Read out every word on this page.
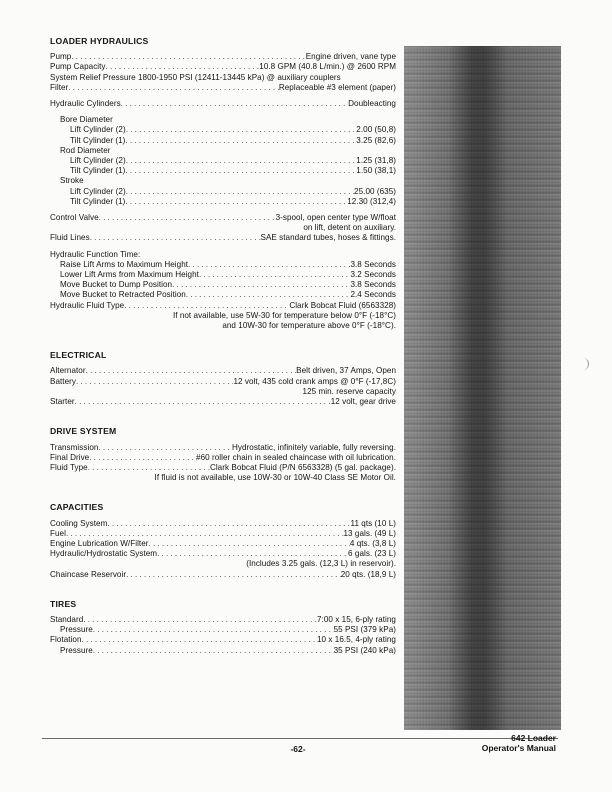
LOADER HYDRAULICS
Pump .....	Engine driven, vane type
Pump Capacity .....	10.8 GPM (40.8 L/min.) @ 2600 RPM
System Relief Pressure 1800-1950 PSI (12411-13445 kPa) @ auxiliary couplers
Filter .....	Replaceable #3 element (paper)
Hydraulic Cylinders .....	Doubleacting
Bore Diameter
Lift Cylinder (2) .....	2.00 (50,8)
Tilt Cylinder (1) .....	3.25 (82,6)
Rod Diameter
Lift Cylinder (2) .....	1.25 (31,8)
Tilt Cylinder (1) .....	1.50 (38,1)
Stroke
Lift Cylinder (2) .....	25.00 (635)
Tilt Cylinder (1) .....	12.30 (312,4)
Control Valve .....	3-spool, open center type W/float
on lift, detent on auxiliary.
Fluid Lines .....	SAE standard tubes, hoses & fittings.
Hydraulic Function Time:
Raise Lift Arms to Maximum Height .....	3.8 Seconds
Lower Lift Arms from Maximum Height .....	3.2 Seconds
Move Bucket to Dump Position .....	3.8 Seconds
Move Bucket to Retracted Position .....	2.4 Seconds
Hydraulic Fluid Type .....	Clark Bobcat Fluid (6563328)
If not available, use 5W-30 for temperature below 0°F (-18°C)
and 10W-30 for temperature above 0°F (-18°C).
ELECTRICAL
Alternator .....	Belt driven, 37 Amps, Open
Battery .....	12 volt, 435 cold crank amps @ 0°F (-17,8C)
125 min. reserve capacity
Starter .....	12 volt, gear drive
DRIVE SYSTEM
Transmission .....	Hydrostatic, infinitely variable, fully reversing.
Final Drive .....	#60 roller chain in sealed chaincase with oil lubrication.
Fluid Type .....	Clark Bobcat Fluid (P/N 6563328) (5 gal. package).
If fluid is not available, use 10W-30 or 10W-40 Class SE Motor Oil.
CAPACITIES
Cooling System .....	11 qts (10 L)
Fuel .....	13 gals. (49 L)
Engine Lubrication W/Filter .....	4 qts. (3,8 L)
Hydraulic/Hydrostatic System .....	6 gals. (23 L)
(Includes 3.25 gals. (12,3 L) in reservoir).
Chaincase Reservoir .....	20 qts. (18,9 L)
TIRES
Standard .....	7:00 x 15, 6-ply rating
Pressure .....	55 PSI (379 kPa)
Flotation .....	10 x 16.5, 4-ply rating
Pressure .....	35 PSI (240 kPa)
-62-
642 Loader
Operator's Manual
